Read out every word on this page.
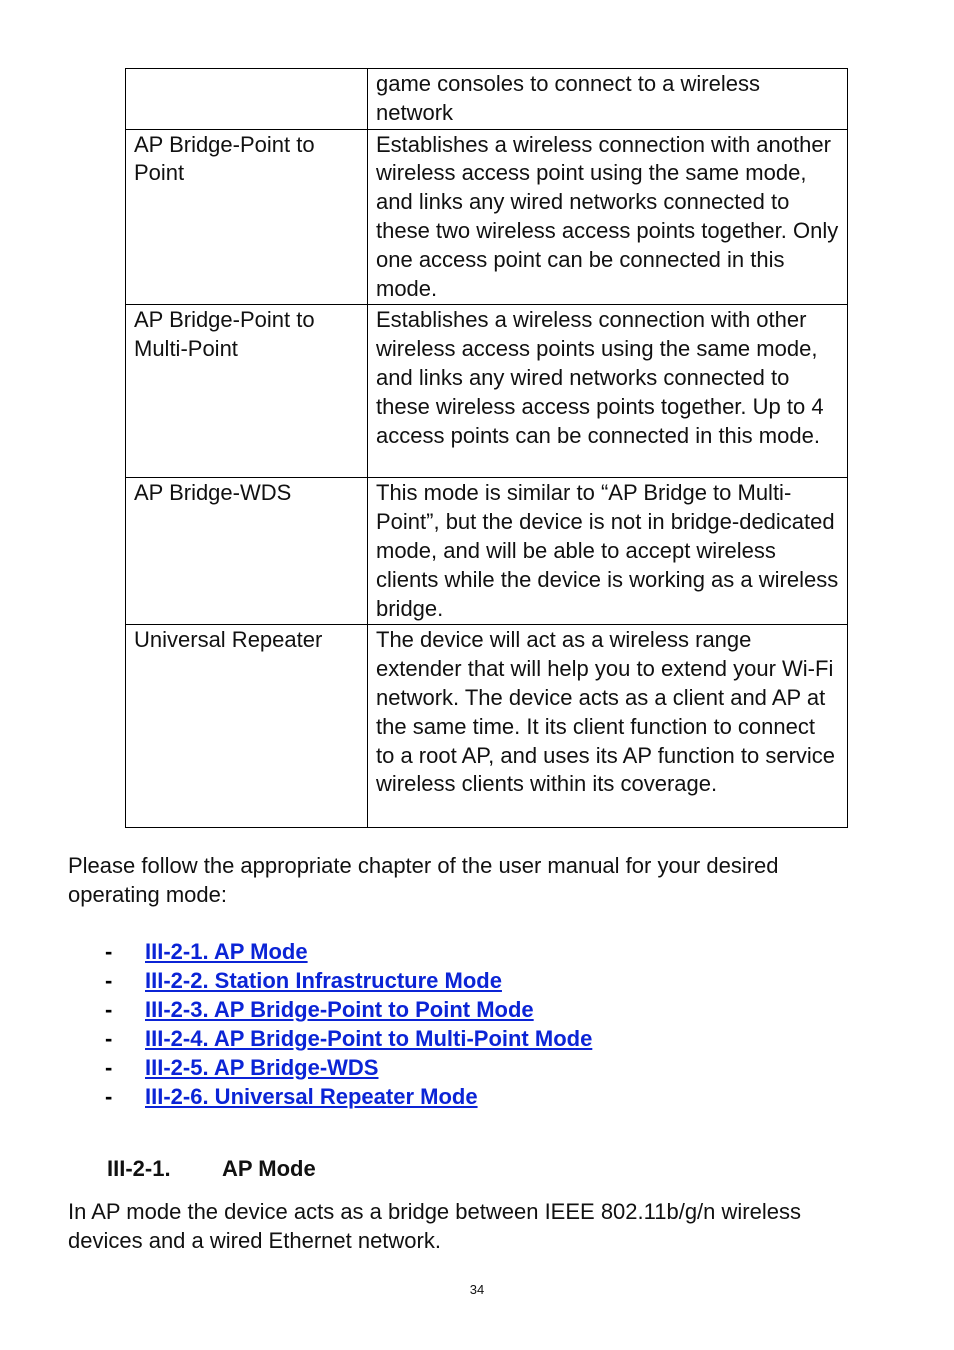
	game consoles to connect to a wireless network
AP Bridge-Point to Point	Establishes a wireless connection with another wireless access point using the same mode, and links any wired networks connected to these two wireless access points together. Only one access point can be connected in this mode.
AP Bridge-Point to Multi-Point	Establishes a wireless connection with other wireless access points using the same mode, and links any wired networks connected to these wireless access points together. Up to 4 access points can be connected in this mode.
AP Bridge-WDS	This mode is similar to “AP Bridge to Multi-Point”, but the device is not in bridge-dedicated mode, and will be able to accept wireless clients while the device is working as a wireless bridge.
Universal Repeater	The device will act as a wireless range extender that will help you to extend your Wi-Fi network. The device acts as a client and AP at the same time. It its client function to connect to a root AP, and uses its AP function to service wireless clients within its coverage.

Please follow the appropriate chapter of the user manual for your desired operating mode:

-	III-2-1. AP Mode
-	III-2-2. Station Infrastructure Mode
-	III-2-3. AP Bridge-Point to Point Mode
-	III-2-4. AP Bridge-Point to Multi-Point Mode
-	III-2-5. AP Bridge-WDS
-	III-2-6. Universal Repeater Mode
III-2-1.	AP Mode

In AP mode the device acts as a bridge between IEEE 802.11b/g/n wireless devices and a wired Ethernet network.

34
